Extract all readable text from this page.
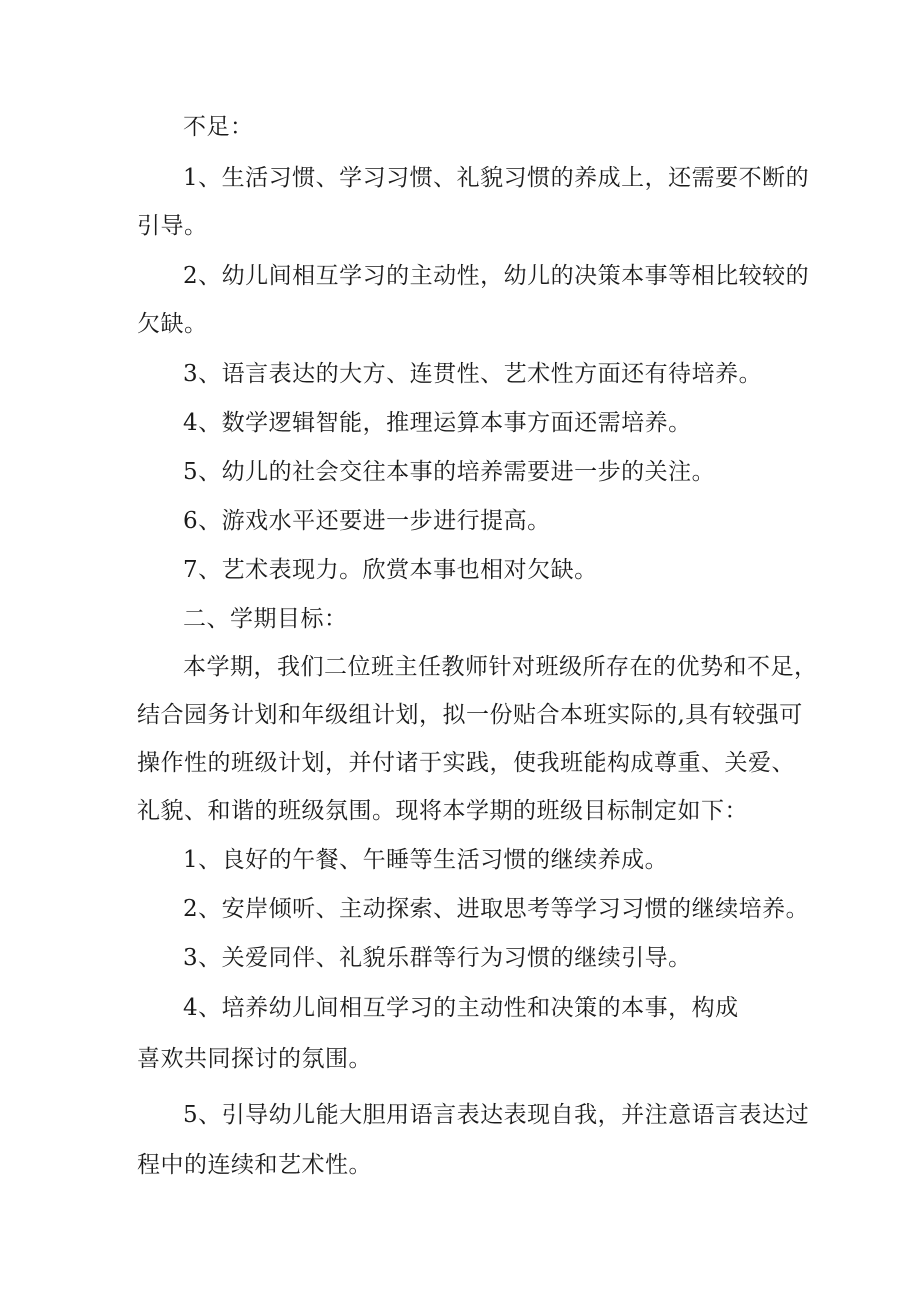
不足：
1、生活习惯、学习习惯、礼貌习惯的养成上，还需要不断的
引导。
2、幼儿间相互学习的主动性，幼儿的决策本事等相比较较的
欠缺。
3、语言表达的大方、连贯性、艺术性方面还有待培养。
4、数学逻辑智能，推理运算本事方面还需培养。
5、幼儿的社会交往本事的培养需要进一步的关注。
6、游戏水平还要进一步进行提高。
7、艺术表现力。欣赏本事也相对欠缺。
二、学期目标：
本学期，我们二位班主任教师针对班级所存在的优势和不足，
结合园务计划和年级组计划，拟一份贴合本班实际的,具有较强可
操作性的班级计划，并付诸于实践，使我班能构成尊重、关爱、
礼貌、和谐的班级氛围。现将本学期的班级目标制定如下：
1、良好的午餐、午睡等生活习惯的继续养成。
2、安岸倾听、主动探索、进取思考等学习习惯的继续培养。
3、关爱同伴、礼貌乐群等行为习惯的继续引导。
4、培养幼儿间相互学习的主动性和决策的本事，构成
喜欢共同探讨的氛围。
5、引导幼儿能大胆用语言表达表现自我，并注意语言表达过
程中的连续和艺术性。
